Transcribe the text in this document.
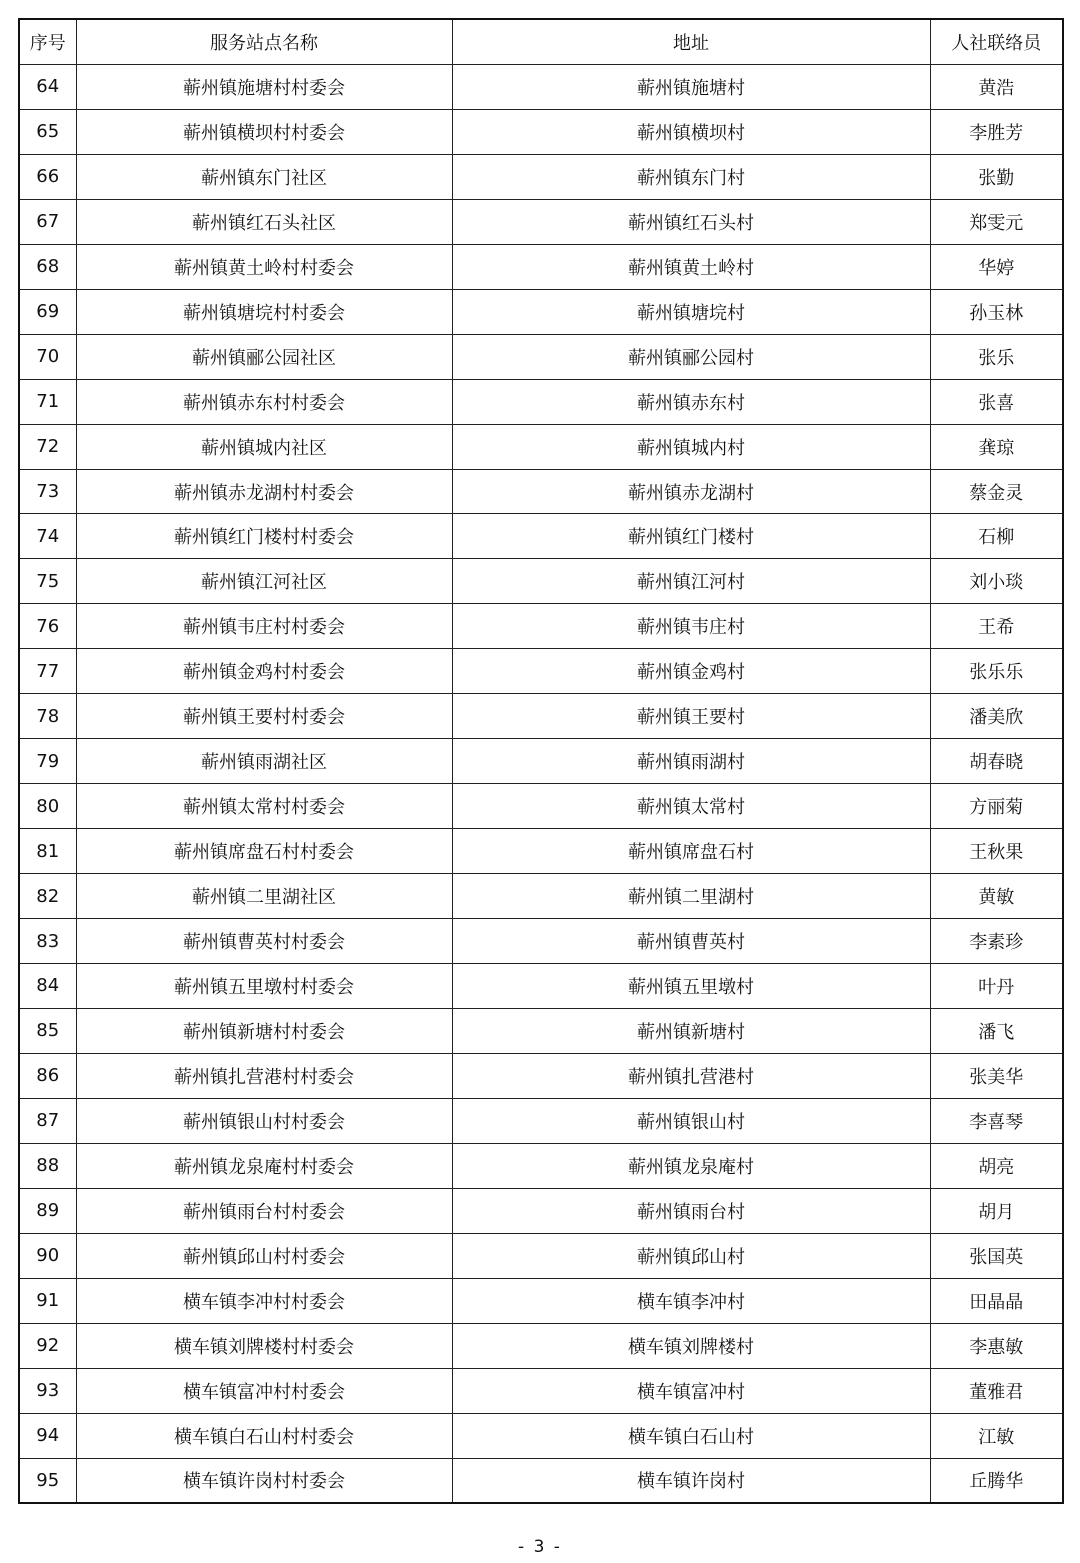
序号	服务站点名称	地址	人社联络员
64	蕲州镇施塘村村委会	蕲州镇施塘村	黄浩
65	蕲州镇横坝村村委会	蕲州镇横坝村	李胜芳
66	蕲州镇东门社区	蕲州镇东门村	张勤
67	蕲州镇红石头社区	蕲州镇红石头村	郑雯元
68	蕲州镇黄土岭村村委会	蕲州镇黄土岭村	华婷
69	蕲州镇塘垸村村委会	蕲州镇塘垸村	孙玉林
70	蕲州镇郦公园社区	蕲州镇郦公园村	张乐
71	蕲州镇赤东村村委会	蕲州镇赤东村	张喜
72	蕲州镇城内社区	蕲州镇城内村	龚琼
73	蕲州镇赤龙湖村村委会	蕲州镇赤龙湖村	蔡金灵
74	蕲州镇红门楼村村委会	蕲州镇红门楼村	石柳
75	蕲州镇江河社区	蕲州镇江河村	刘小琰
76	蕲州镇韦庄村村委会	蕲州镇韦庄村	王希
77	蕲州镇金鸡村村委会	蕲州镇金鸡村	张乐乐
78	蕲州镇王要村村委会	蕲州镇王要村	潘美欣
79	蕲州镇雨湖社区	蕲州镇雨湖村	胡春晓
80	蕲州镇太常村村委会	蕲州镇太常村	方丽菊
81	蕲州镇席盘石村村委会	蕲州镇席盘石村	王秋果
82	蕲州镇二里湖社区	蕲州镇二里湖村	黄敏
83	蕲州镇曹英村村委会	蕲州镇曹英村	李素珍
84	蕲州镇五里墩村村委会	蕲州镇五里墩村	叶丹
85	蕲州镇新塘村村委会	蕲州镇新塘村	潘飞
86	蕲州镇扎营港村村委会	蕲州镇扎营港村	张美华
87	蕲州镇银山村村委会	蕲州镇银山村	李喜琴
88	蕲州镇龙泉庵村村委会	蕲州镇龙泉庵村	胡亮
89	蕲州镇雨台村村委会	蕲州镇雨台村	胡月
90	蕲州镇邱山村村委会	蕲州镇邱山村	张国英
91	横车镇李冲村村委会	横车镇李冲村	田晶晶
92	横车镇刘牌楼村村委会	横车镇刘牌楼村	李惠敏
93	横车镇富冲村村委会	横车镇富冲村	董雅君
94	横车镇白石山村村委会	横车镇白石山村	江敏
95	横车镇许岗村村委会	横车镇许岗村	丘腾华
- 3 -
